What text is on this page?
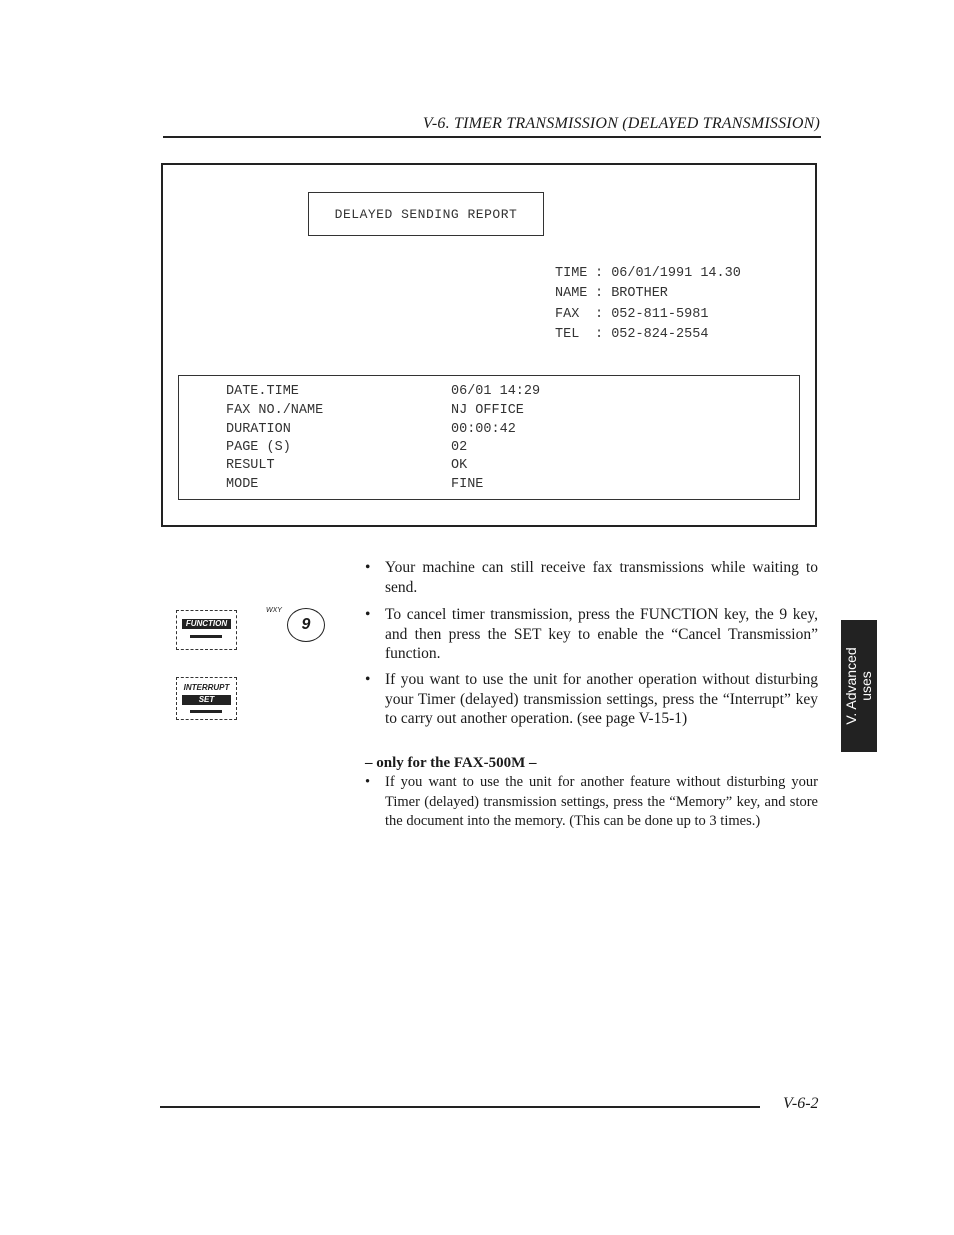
V-6. TIMER TRANSMISSION (DELAYED TRANSMISSION)
DELAYED SENDING REPORT
TIME : 06/01/1991 14.30
NAME : BROTHER
FAX	: 052-811-5981
TEL	: 052-824-2554
DATE.TIME	06/01 14:29
FAX NO./NAME	NJ OFFICE
DURATION	00:00:42
PAGE (S)	02
RESULT	OK
MODE	FINE
FUNCTION
WXY
9
INTERRUPT
SET
• Your machine can still receive fax transmissions while waiting to send.
• To cancel timer transmission, press the FUNCTION key, the 9 key, and then press the SET key to enable the “Cancel Transmission” function.
• If you want to use the unit for another operation without disturbing your Timer (delayed) transmission settings, press the “Interrupt” key to carry out another operation. (see page V-15-1)
– only for the FAX-500M –
• If you want to use the unit for another feature without disturbing your Timer (delayed) transmission settings, press the “Memory” key, and store the document into the memory. (This can be done up to 3 times.)
V. Advanced uses
V-6-2
